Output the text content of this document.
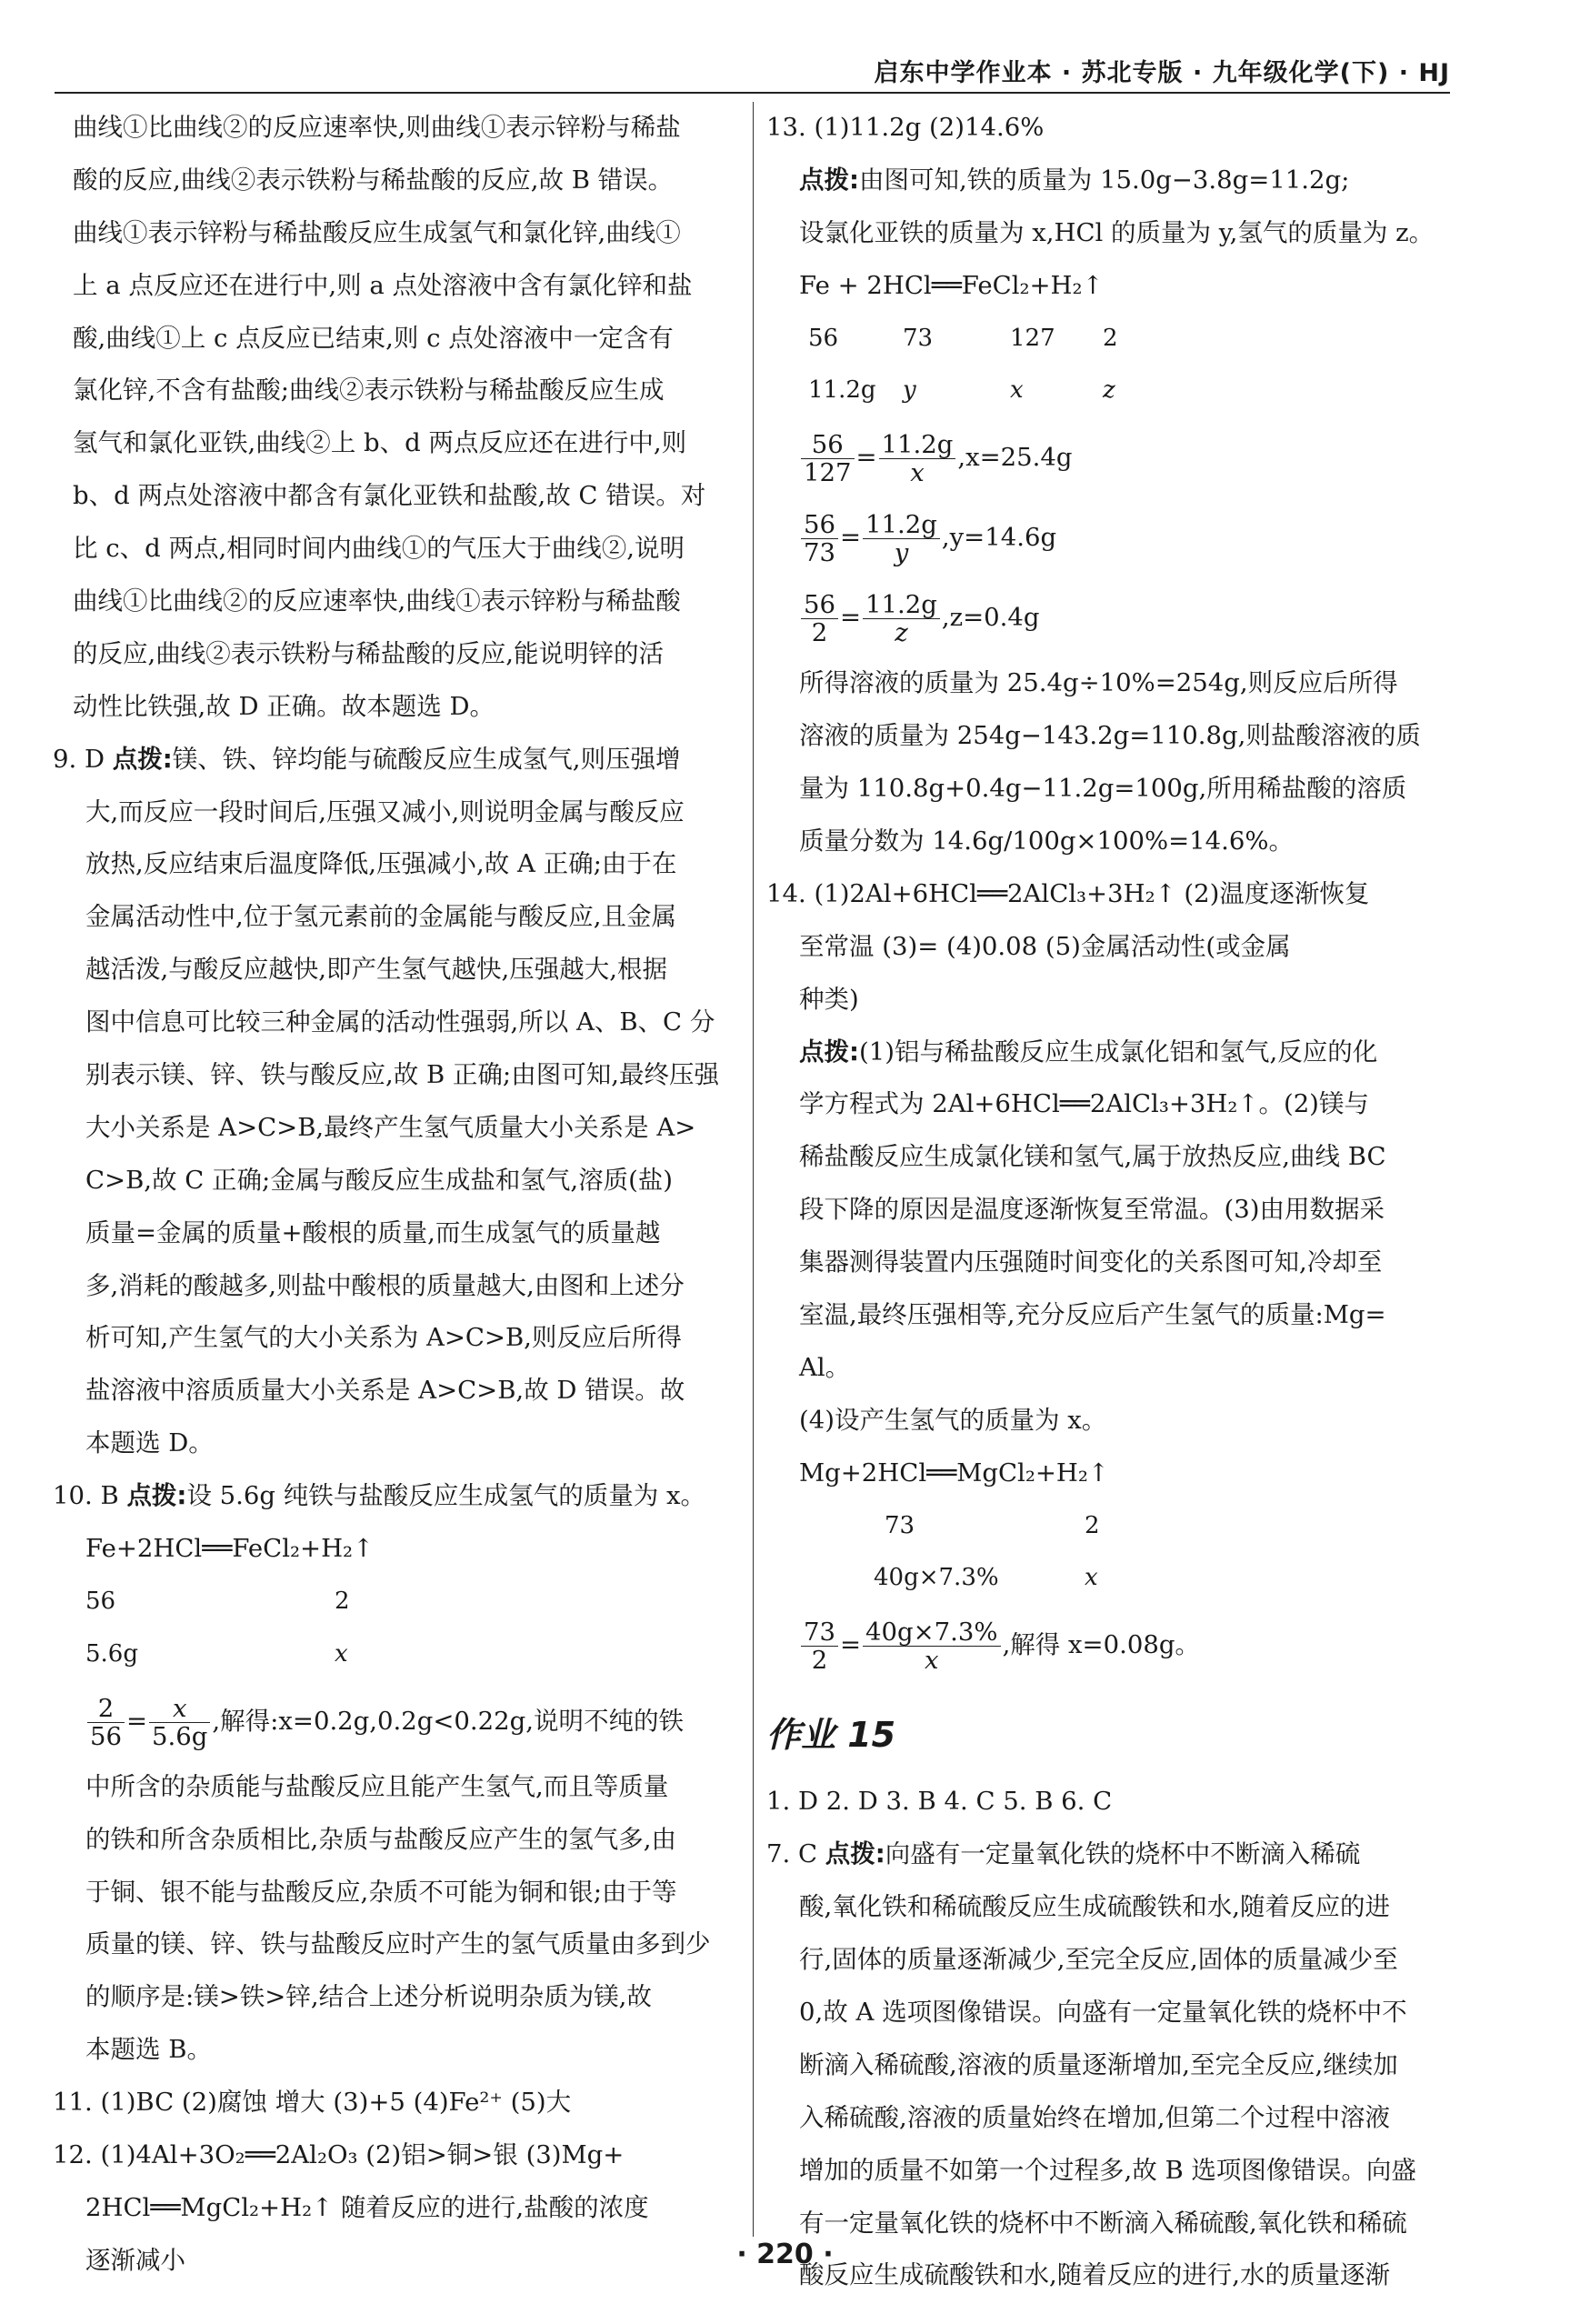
启东中学作业本 · 苏北专版 · 九年级化学(下) · HJ
曲线①比曲线②的反应速率快,则曲线①表示锌粉与稀盐
酸的反应,曲线②表示铁粉与稀盐酸的反应,故 B 错误。
曲线①表示锌粉与稀盐酸反应生成氢气和氯化锌,曲线①
上 a 点反应还在进行中,则 a 点处溶液中含有氯化锌和盐
酸,曲线①上 c 点反应已结束,则 c 点处溶液中一定含有
氯化锌,不含有盐酸;曲线②表示铁粉与稀盐酸反应生成
氢气和氯化亚铁,曲线②上 b、d 两点反应还在进行中,则
b、d 两点处溶液中都含有氯化亚铁和盐酸,故 C 错误。对
比 c、d 两点,相同时间内曲线①的气压大于曲线②,说明
曲线①比曲线②的反应速率快,曲线①表示锌粉与稀盐酸
的反应,曲线②表示铁粉与稀盐酸的反应,能说明锌的活
动性比铁强,故 D 正确。故本题选 D。
9. D 点拨:镁、铁、锌均能与硫酸反应生成氢气,则压强增
大,而反应一段时间后,压强又减小,则说明金属与酸反应
放热,反应结束后温度降低,压强减小,故 A 正确;由于在
金属活动性中,位于氢元素前的金属能与酸反应,且金属
越活泼,与酸反应越快,即产生氢气越快,压强越大,根据
图中信息可比较三种金属的活动性强弱,所以 A、B、C 分
别表示镁、锌、铁与酸反应,故 B 正确;由图可知,最终压强
大小关系是 A>C>B,最终产生氢气质量大小关系是 A>
C>B,故 C 正确;金属与酸反应生成盐和氢气,溶质(盐)
质量=金属的质量+酸根的质量,而生成氢气的质量越
多,消耗的酸越多,则盐中酸根的质量越大,由图和上述分
析可知,产生氢气的大小关系为 A>C>B,则反应后所得
盐溶液中溶质质量大小关系是 A>C>B,故 D 错误。故
本题选 D。
10. B 点拨:设 5.6g 纯铁与盐酸反应生成氢气的质量为 x。
Fe+2HCl══FeCl₂+H₂↑
56	2
5.6g	x
$\frac{2}{56} = \frac{x}{5.6g}$ ,解得:x=0.2g,0.2g<0.22g,说明不纯的铁
中所含的杂质能与盐酸反应且能产生氢气,而且等质量
的铁和所含杂质相比,杂质与盐酸反应产生的氢气多,由
于铜、银不能与盐酸反应,杂质不可能为铜和银;由于等
质量的镁、锌、铁与盐酸反应时产生的氢气质量由多到少
的顺序是:镁>铁>锌,结合上述分析说明杂质为镁,故
本题选 B。
11. (1)BC (2)腐蚀 增大 (3)+5 (4)Fe²⁺ (5)大
12. (1)4Al+3O₂══2Al₂O₃ (2)铝>铜>银 (3)Mg+
2HCl══MgCl₂+H₂↑ 随着反应的进行,盐酸的浓度
逐渐减小
13. (1)11.2g (2)14.6%
点拨:由图可知,铁的质量为 15.0g−3.8g=11.2g;
设氯化亚铁的质量为 x,HCl 的质量为 y,氢气的质量为 z。
Fe + 2HCl══FeCl₂+H₂↑
56	73	127 2
11.2g y	x	z
$\frac{56}{127} = \frac{11.2g}{x} ,x=25.4g$
$\frac{56}{73} = \frac{11.2g}{y} ,y=14.6g$
$\frac{56}{2} = \frac{11.2g}{z} ,z=0.4g$
所得溶液的质量为 25.4g÷10%=254g,则反应后所得
溶液的质量为 254g−143.2g=110.8g,则盐酸溶液的质
量为 110.8g+0.4g−11.2g=100g,所用稀盐酸的溶质
质量分数为 14.6g/100g×100%=14.6%。
14. (1)2Al+6HCl══2AlCl₃+3H₂↑ (2)温度逐渐恢复
至常温 (3)= (4)0.08 (5)金属活动性(或金属
种类)
点拨:(1)铝与稀盐酸反应生成氯化铝和氢气,反应的化
学方程式为 2Al+6HCl══2AlCl₃+3H₂↑。(2)镁与
稀盐酸反应生成氯化镁和氢气,属于放热反应,曲线 BC
段下降的原因是温度逐渐恢复至常温。(3)由用数据采
集器测得装置内压强随时间变化的关系图可知,冷却至
室温,最终压强相等,充分反应后产生氢气的质量:Mg=
Al。
(4)设产生氢气的质量为 x。
Mg+2HCl══MgCl₂+H₂↑
73	2
40g×7.3%	x
$\frac{73}{2} = \frac{40g\times 7.3\%}{x}$ ,解得 x=0.08g。
作业 15
1. D 2. D 3. B 4. C 5. B 6. C
7. C 点拨:向盛有一定量氧化铁的烧杯中不断滴入稀硫
酸,氧化铁和稀硫酸反应生成硫酸铁和水,随着反应的进
行,固体的质量逐渐减少,至完全反应,固体的质量减少至
0,故 A 选项图像错误。向盛有一定量氧化铁的烧杯中不
断滴入稀硫酸,溶液的质量逐渐增加,至完全反应,继续加
入稀硫酸,溶液的质量始终在增加,但第二个过程中溶液
增加的质量不如第一个过程多,故 B 选项图像错误。向盛
有一定量氧化铁的烧杯中不断滴入稀硫酸,氧化铁和稀硫
酸反应生成硫酸铁和水,随着反应的进行,水的质量逐渐
· 220 ·
